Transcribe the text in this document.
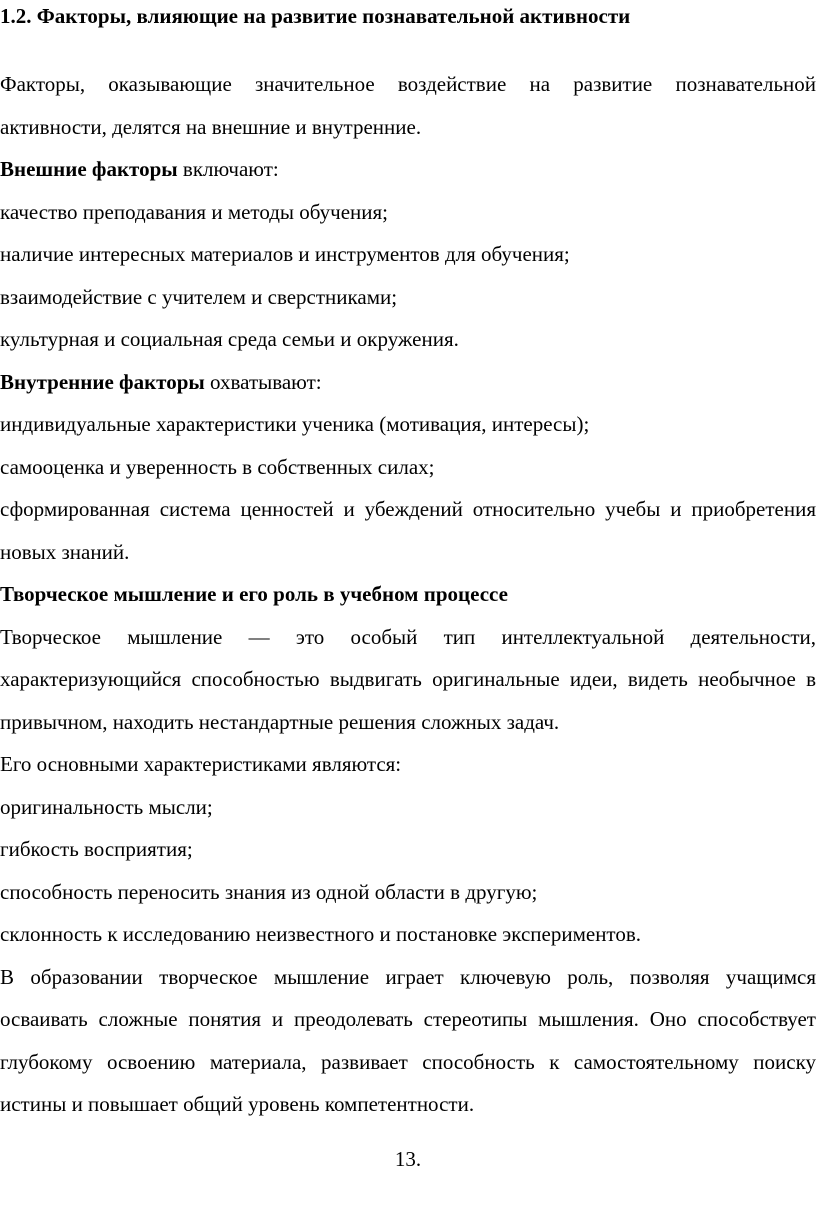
1.2. Факторы, влияющие на развитие познавательной активности

Факторы, оказывающие значительное воздействие на развитие познавательной активности, делятся на внешние и внутренние.

Внешние факторы включают:

качество преподавания и методы обучения;

наличие интересных материалов и инструментов для обучения;

взаимодействие с учителем и сверстниками;

культурная и социальная среда семьи и окружения.

Внутренние факторы охватывают:

индивидуальные характеристики ученика (мотивация, интересы);

самооценка и уверенность в собственных силах;

сформированная система ценностей и убеждений относительно учебы и приобретения новых знаний.

Творческое мышление и его роль в учебном процессе

Творческое мышление — это особый тип интеллектуальной деятельности, характеризующийся способностью выдвигать оригинальные идеи, видеть необычное в привычном, находить нестандартные решения сложных задач.

Его основными характеристиками являются:

оригинальность мысли;

гибкость восприятия;

способность переносить знания из одной области в другую;

склонность к исследованию неизвестного и постановке экспериментов.

В образовании творческое мышление играет ключевую роль, позволяя учащимся осваивать сложные понятия и преодолевать стереотипы мышления. Оно способствует глубокому освоению материала, развивает способность к самостоятельному поиску истины и повышает общий уровень компетентности.

13.
